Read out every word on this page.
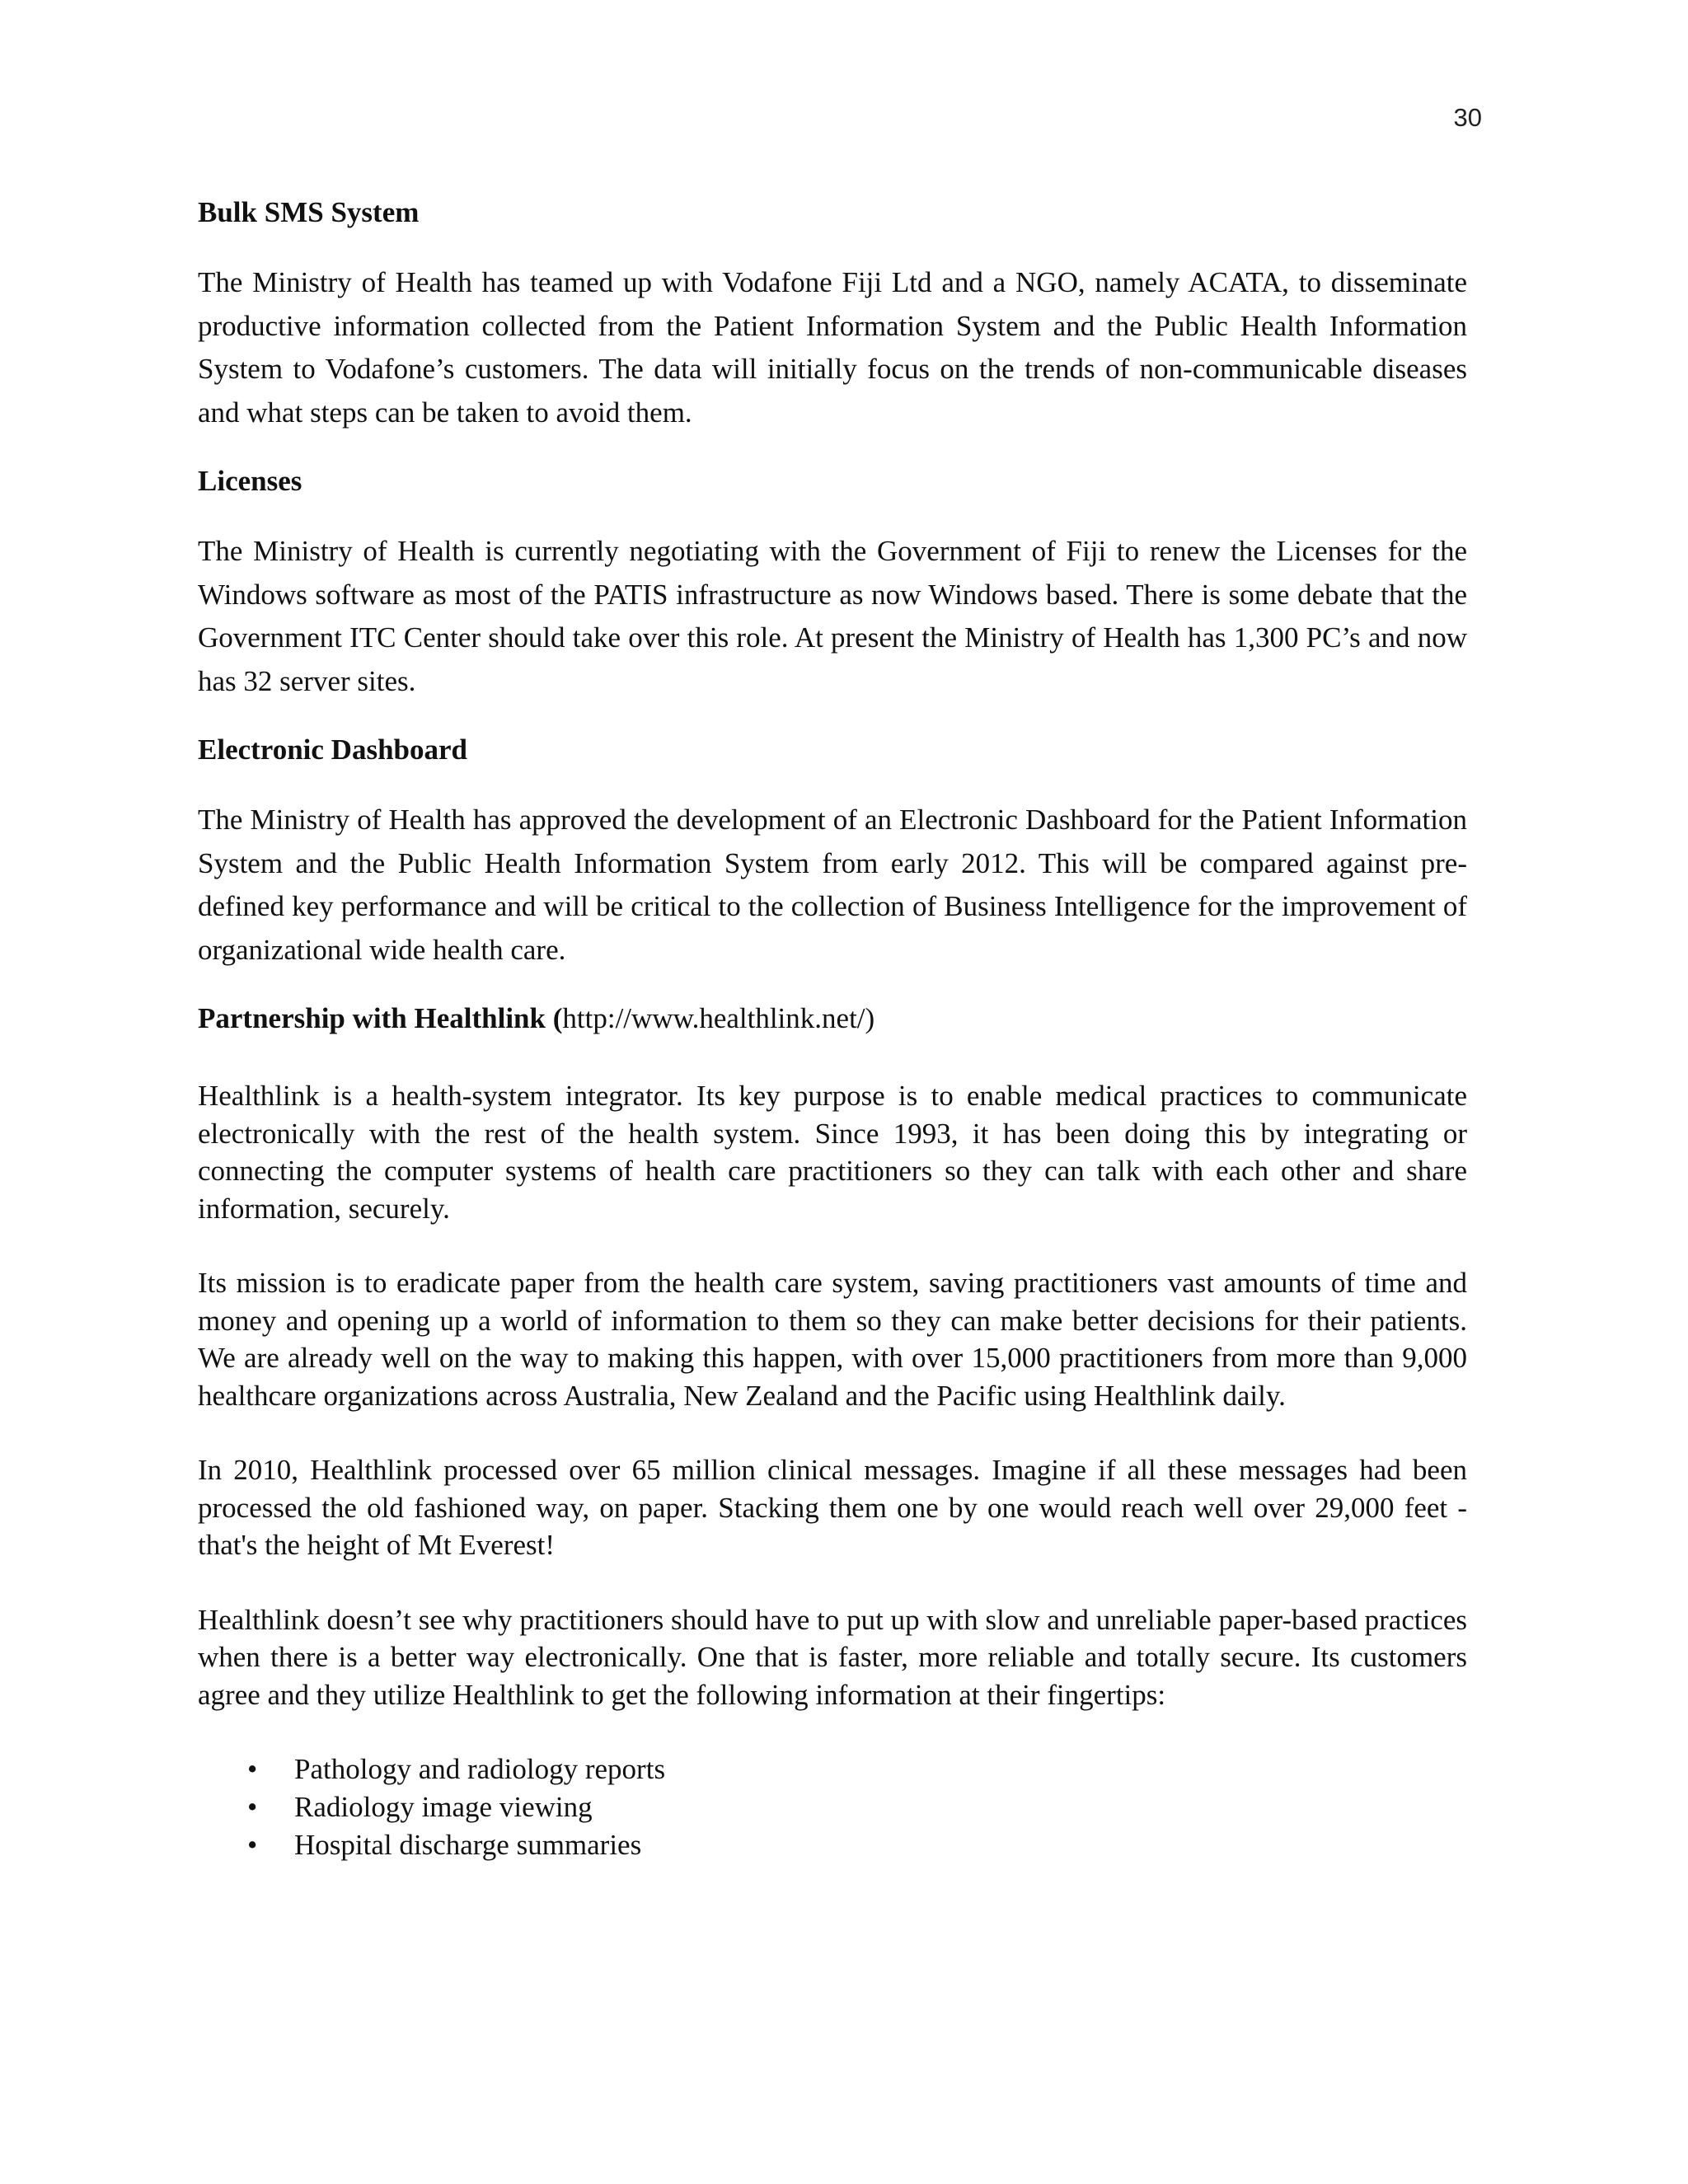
30
Bulk SMS System

The Ministry of Health has teamed up with Vodafone Fiji Ltd and a NGO, namely ACATA, to disseminate productive information collected from the Patient Information System and the Public Health Information System to Vodafone’s customers. The data will initially focus on the trends of non-communicable diseases and what steps can be taken to avoid them.

Licenses

The Ministry of Health is currently negotiating with the Government of Fiji to renew the Licenses for the Windows software as most of the PATIS infrastructure as now Windows based. There is some debate that the Government ITC Center should take over this role. At present the Ministry of Health has 1,300 PC’s and now has 32 server sites.

Electronic Dashboard

The Ministry of Health has approved the development of an Electronic Dashboard for the Patient Information System and the Public Health Information System from early 2012. This will be compared against pre-defined key performance and will be critical to the collection of Business Intelligence for the improvement of organizational wide health care.

Partnership with Healthlink (http://www.healthlink.net/)

Healthlink is a health-system integrator. Its key purpose is to enable medical practices to communicate electronically with the rest of the health system. Since 1993, it has been doing this by integrating or connecting the computer systems of health care practitioners so they can talk with each other and share information, securely.

Its mission is to eradicate paper from the health care system, saving practitioners vast amounts of time and money and opening up a world of information to them so they can make better decisions for their patients. We are already well on the way to making this happen, with over 15,000 practitioners from more than 9,000 healthcare organizations across Australia, New Zealand and the Pacific using Healthlink daily.

In 2010, Healthlink processed over 65 million clinical messages. Imagine if all these messages had been processed the old fashioned way, on paper. Stacking them one by one would reach well over 29,000 feet - that's the height of Mt Everest!

Healthlink doesn’t see why practitioners should have to put up with slow and unreliable paper-based practices when there is a better way electronically. One that is faster, more reliable and totally secure. Its customers agree and they utilize Healthlink to get the following information at their fingertips:

• Pathology and radiology reports
• Radiology image viewing
• Hospital discharge summaries
